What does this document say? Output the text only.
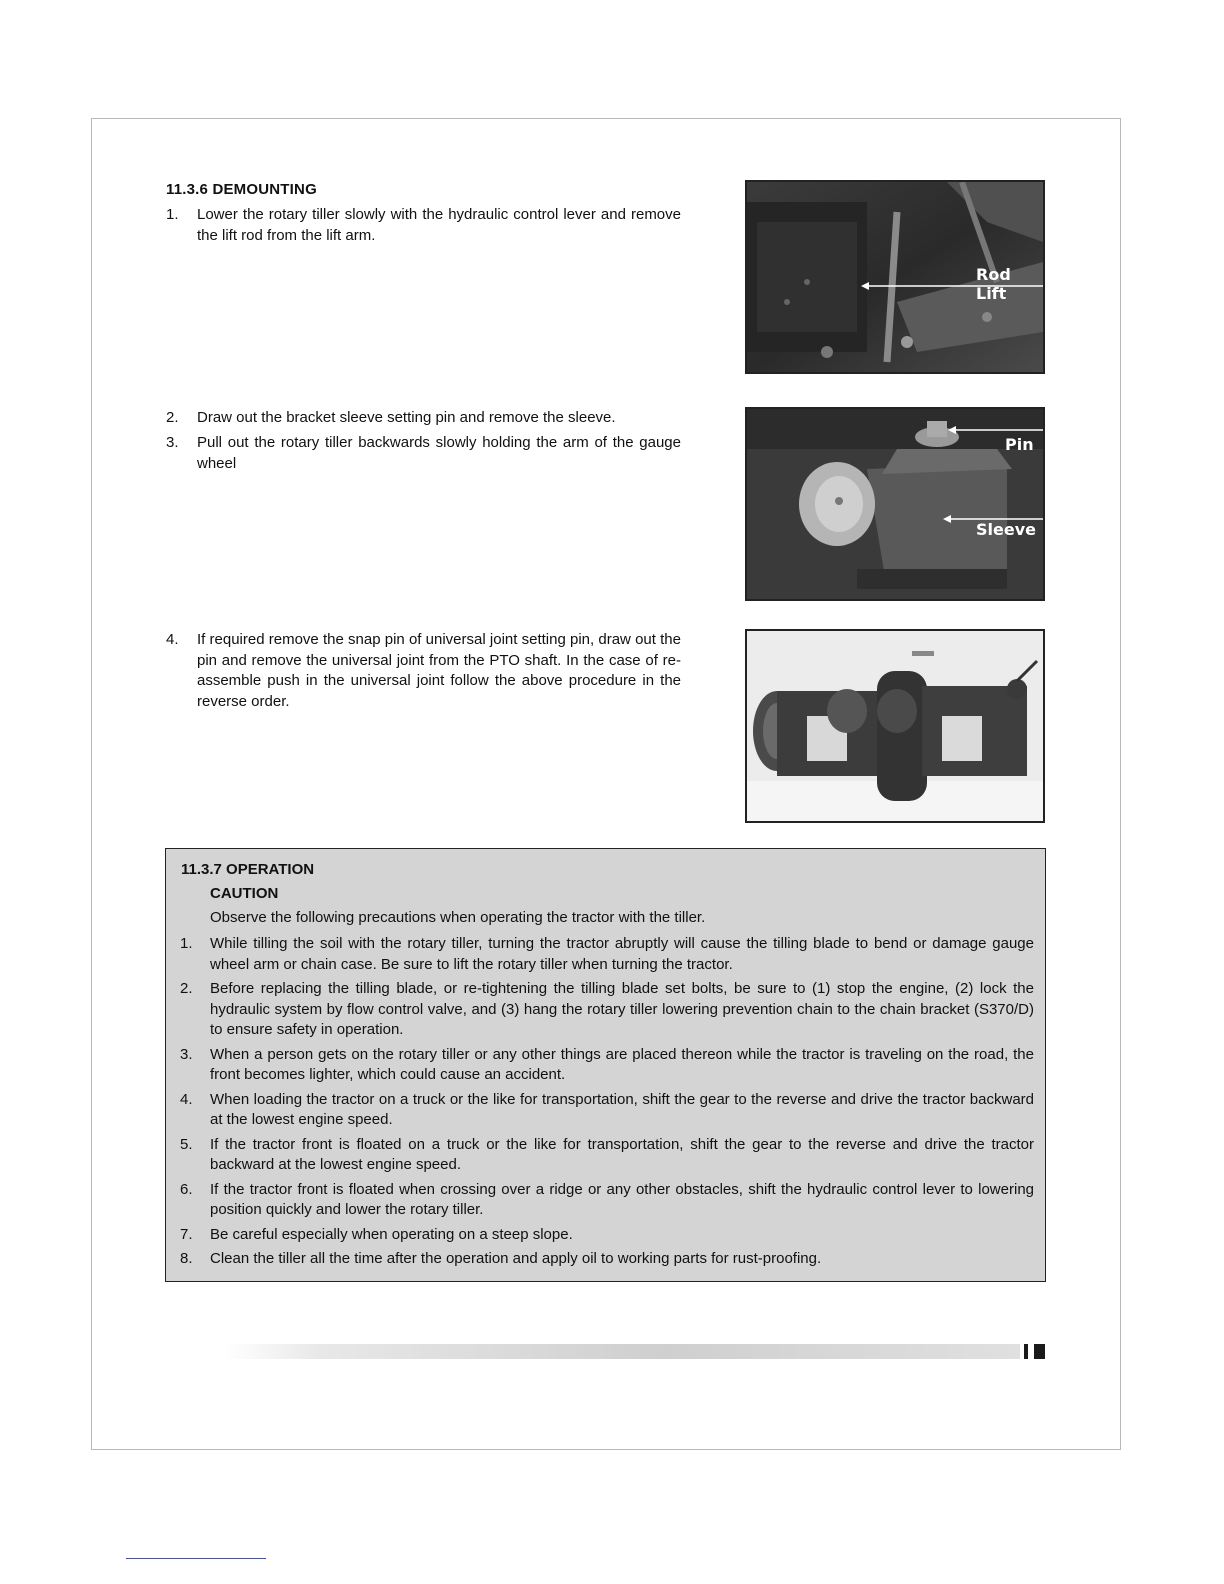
11.3.6 DEMOUNTING
1. Lower the rotary tiller slowly with the hydraulic control lever and remove the lift rod from the lift arm.
2. Draw out the bracket sleeve setting pin and remove the sleeve.
3. Pull out the rotary tiller backwards slowly holding the arm of the gauge wheel
4. If required remove the snap pin of universal joint setting pin, draw out the pin and remove the universal joint from the PTO shaft. In the case of re-assemble push in the universal joint follow the above procedure in the reverse order.
Rod Lift
Pin
Sleeve
11.3.7 OPERATION
CAUTION
Observe the following precautions when operating the tractor with the tiller.
1. While tilling the soil with the rotary tiller, turning the tractor abruptly will cause the tilling blade to bend or damage gauge wheel arm or chain case. Be sure to lift the rotary tiller when turning the tractor.
2. Before replacing the tilling blade, or re-tightening the tilling blade set bolts, be sure to (1) stop the engine, (2) lock the hydraulic system by flow control valve, and (3) hang the rotary tiller lowering prevention chain to the chain bracket (S370/D) to ensure safety in operation.
3. When a person gets on the rotary tiller or any other things are placed thereon while the tractor is traveling on the road, the front becomes lighter, which could cause an accident.
4. When loading the tractor on a truck or the like for transportation, shift the gear to the reverse and drive the tractor backward at the lowest engine speed.
5. If the tractor front is floated on a truck or the like for transportation, shift the gear to the reverse and drive the tractor backward at the lowest engine speed.
6. If the tractor front is floated when crossing over a ridge or any other obstacles, shift the hydraulic control lever to lowering position quickly and lower the rotary tiller.
7. Be careful especially when operating on a steep slope.
8. Clean the tiller all the time after the operation and apply oil to working parts for rust-proofing.
